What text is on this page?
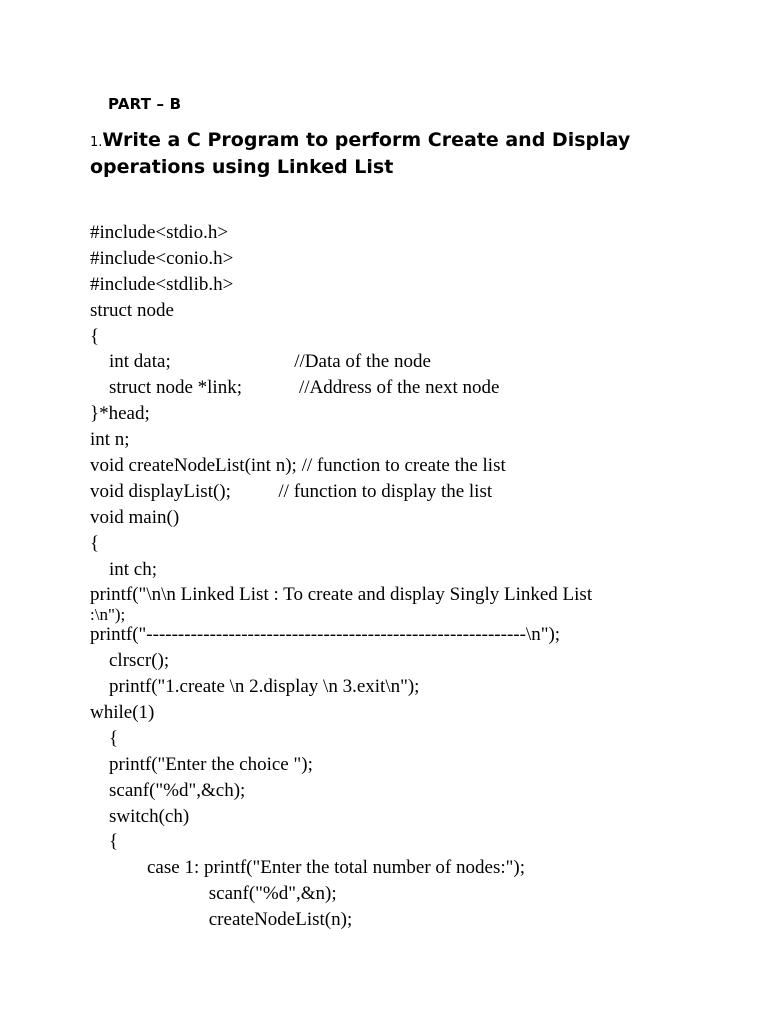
PART – B
1.Write a C Program to perform Create and Display operations using Linked List
#include<stdio.h>
#include<conio.h>
#include<stdlib.h>
struct node
{
int data;                          //Data of the node
struct node *link;            //Address of the next node
}*head;
int n;
void createNodeList(int n); // function to create the list
void displayList();          // function to display the list
void main()
{
int ch;
printf("\n\n Linked List : To create and display Singly Linked List
:\n");
printf("------------------------------------------------------------\n");
clrscr();
printf("1.create \n 2.display \n 3.exit\n");
while(1)
{
printf("Enter the choice ");
scanf("%d",&ch);
switch(ch)
{
case 1: printf("Enter the total number of nodes:");
scanf("%d",&n);
createNodeList(n);
